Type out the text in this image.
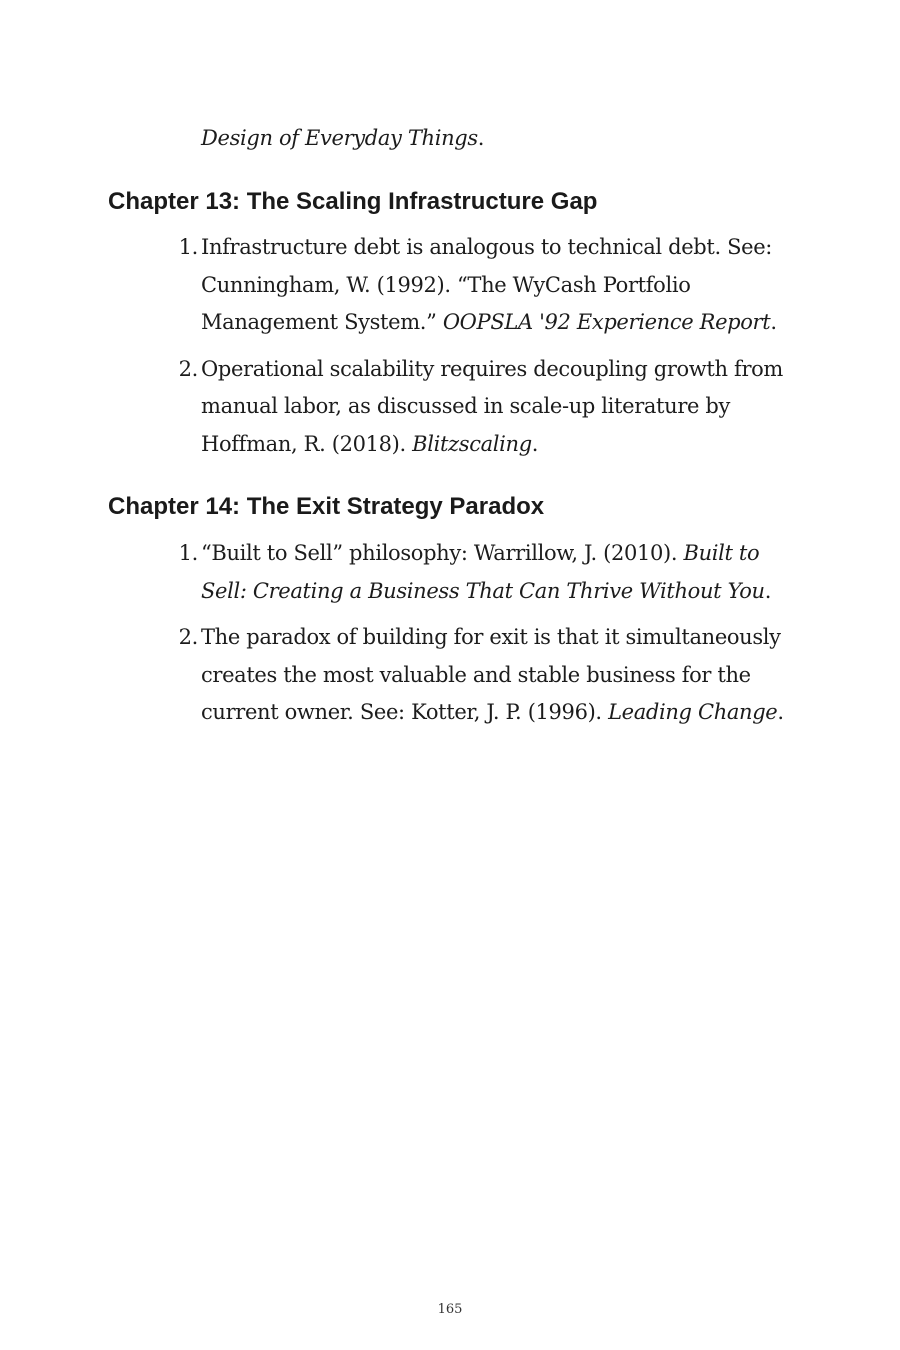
Design of Everyday Things.

Chapter 13: The Scaling Infrastructure Gap
1. Infrastructure debt is analogous to technical debt. See: Cunningham, W. (1992). “The WyCash Portfolio Management System.” OOPSLA '92 Experience Report.
2. Operational scalability requires decoupling growth from manual labor, as discussed in scale-up literature by Hoffman, R. (2018). Blitzscaling.
Chapter 14: The Exit Strategy Paradox
1. “Built to Sell” philosophy: Warrillow, J. (2010). Built to Sell: Creating a Business That Can Thrive Without You.
2. The paradox of building for exit is that it simultaneously creates the most valuable and stable business for the current owner. See: Kotter, J. P. (1996). Leading Change.
165
